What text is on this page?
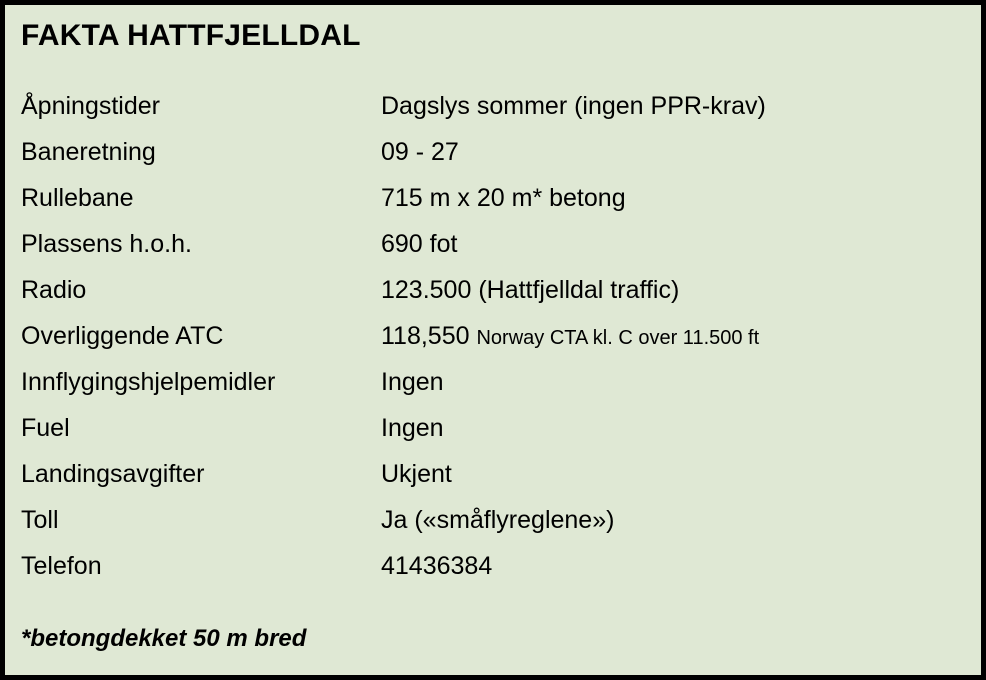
FAKTA HATTFJELLDAL
Åpningstider	Dagslys sommer (ingen PPR-krav)
Baneretning	09 - 27
Rullebane	715 m x 20 m* betong
Plassens h.o.h.	690 fot
Radio	123.500 (Hattfjelldal traffic)
Overliggende ATC	118,550 Norway CTA kl. C over 11.500 ft
Innflygingshjelpemidler	Ingen
Fuel	Ingen
Landingsavgifter	Ukjent
Toll	Ja («småflyreglene»)
Telefon	41436384
*betongdekket 50 m bred
